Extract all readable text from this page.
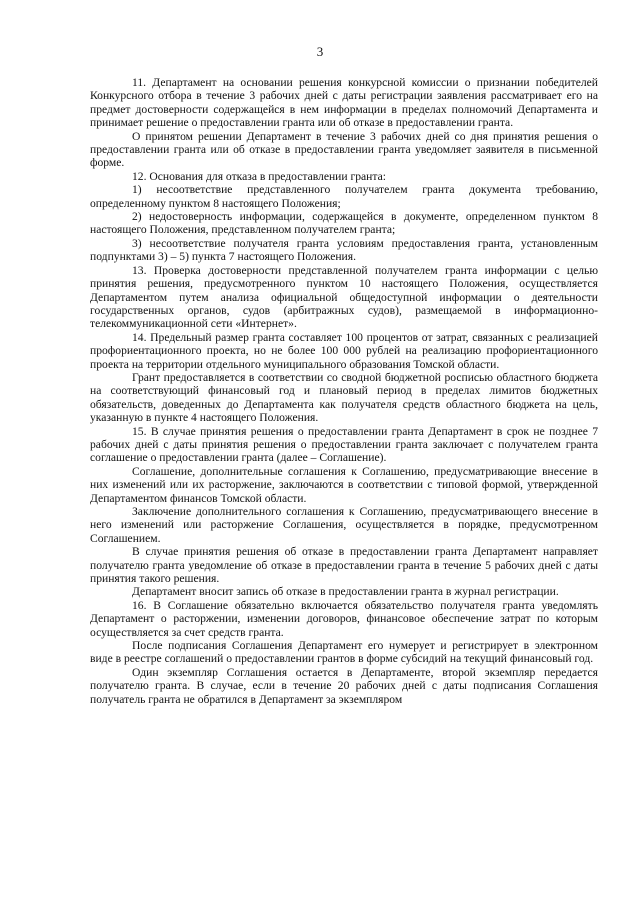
3

11. Департамент на основании решения конкурсной комиссии о признании победителей Конкурсного отбора в течение 3 рабочих дней с даты регистрации заявления рассматривает его на предмет достоверности содержащейся в нем информации в пределах полномочий Департамента и принимает решение о предоставлении гранта или об отказе в предоставлении гранта.

О принятом решении Департамент в течение 3 рабочих дней со дня принятия решения о предоставлении гранта или об отказе в предоставлении гранта уведомляет заявителя в письменной форме.

12. Основания для отказа в предоставлении гранта:

1) несоответствие представленного получателем гранта документа требованию, определенному пунктом 8 настоящего Положения;

2) недостоверность информации, содержащейся в документе, определенном пунктом 8 настоящего Положения, представленном получателем гранта;

3) несоответствие получателя гранта условиям предоставления гранта, установленным подпунктами 3) – 5) пункта 7 настоящего Положения.

13. Проверка достоверности представленной получателем гранта информации с целью принятия решения, предусмотренного пунктом 10 настоящего Положения, осуществляется Департаментом путем анализа официальной общедоступной информации о деятельности государственных органов, судов (арбитражных судов), размещаемой в информационно-телекоммуникационной сети «Интернет».

14. Предельный размер гранта составляет 100 процентов от затрат, связанных с реализацией профориентационного проекта, но не более 100 000 рублей на реализацию профориентационного проекта на территории отдельного муниципального образования Томской области.

Грант предоставляется в соответствии со сводной бюджетной росписью областного бюджета на соответствующий финансовый год и плановый период в пределах лимитов бюджетных обязательств, доведенных до Департамента как получателя средств областного бюджета на цель, указанную в пункте 4 настоящего Положения.

15. В случае принятия решения о предоставлении гранта Департамент в срок не позднее 7 рабочих дней с даты принятия решения о предоставлении гранта заключает с получателем гранта соглашение о предоставлении гранта (далее – Соглашение).

Соглашение, дополнительные соглашения к Соглашению, предусматривающие внесение в них изменений или их расторжение, заключаются в соответствии с типовой формой, утвержденной Департаментом финансов Томской области.

Заключение дополнительного соглашения к Соглашению, предусматривающего внесение в него изменений или расторжение Соглашения, осуществляется в порядке, предусмотренном Соглашением.

В случае принятия решения об отказе в предоставлении гранта Департамент направляет получателю гранта уведомление об отказе в предоставлении гранта в течение 5 рабочих дней с даты принятия такого решения.

Департамент вносит запись об отказе в предоставлении гранта в журнал регистрации.

16. В Соглашение обязательно включается обязательство получателя гранта уведомлять Департамент о расторжении, изменении договоров, финансовое обеспечение затрат по которым осуществляется за счет средств гранта.

После подписания Соглашения Департамент его нумерует и регистрирует в электронном виде в реестре соглашений о предоставлении грантов в форме субсидий на текущий финансовый год.

Один экземпляр Соглашения остается в Департаменте, второй экземпляр передается получателю гранта. В случае, если в течение 20 рабочих дней с даты подписания Соглашения получатель гранта не обратился в Департамент за экземпляром
